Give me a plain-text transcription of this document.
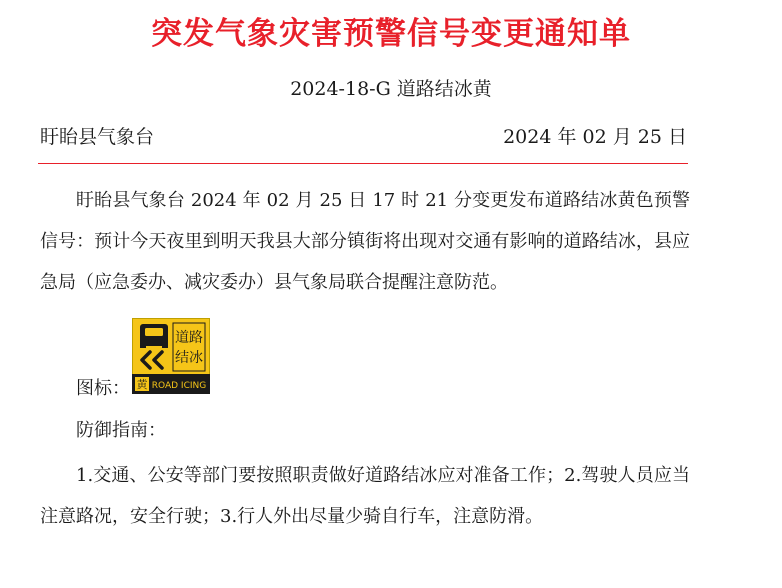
突发气象灾害预警信号变更通知单
2024-18-G 道路结冰黄
盱眙县气象台	2024 年 02 月 25 日
盱眙县气象台 2024 年 02 月 25 日 17 时 21 分变更发布道路结冰黄色预警信号：预计今天夜里到明天我县大部分镇街将出现对交通有影响的道路结冰，县应急局（应急委办、减灾委办）县气象局联合提醒注意防范。
图标：
道路
结冰
黄 ROAD ICING
防御指南：
1.交通、公安等部门要按照职责做好道路结冰应对准备工作；2.驾驶人员应当注意路况，安全行驶；3.行人外出尽量少骑自行车，注意防滑。
